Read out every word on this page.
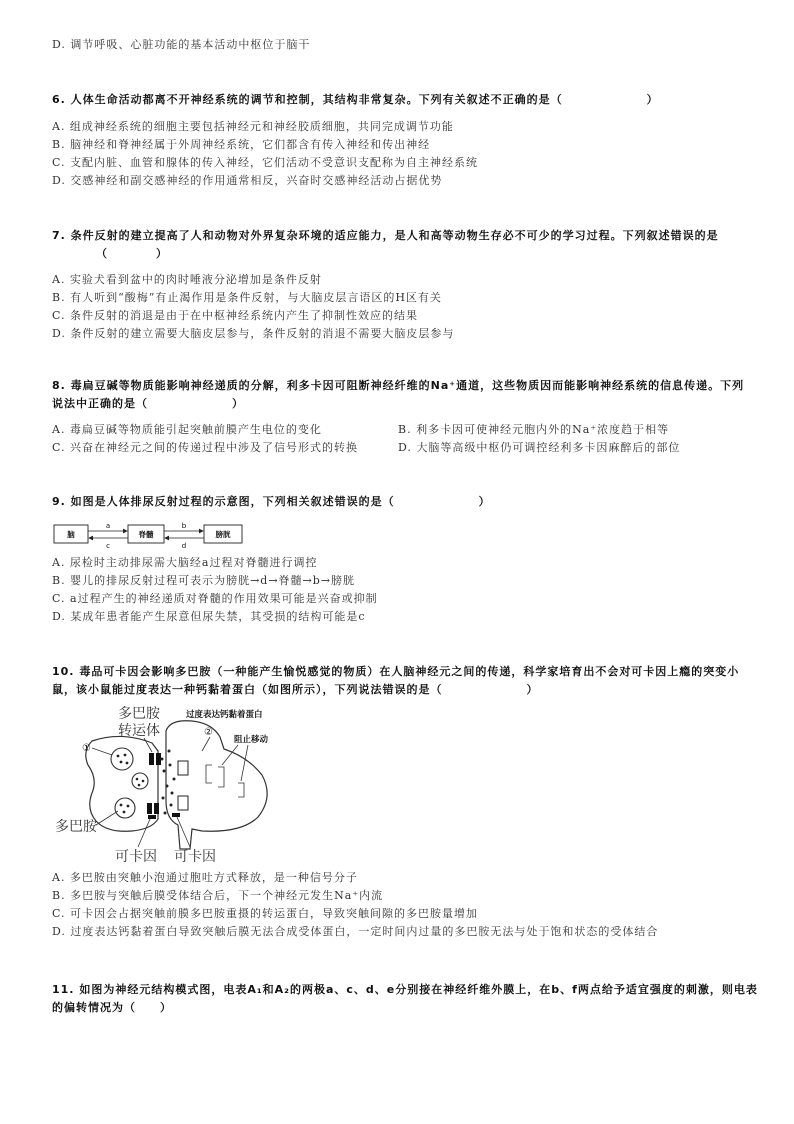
D. 调节呼吸、心脏功能的基本活动中枢位于脑干
6. 人体生命活动都离不开神经系统的调节和控制，其结构非常复杂。下列有关叙述不正确的是（　　　　　　　）
A. 组成神经系统的细胞主要包括神经元和神经胶质细胞，共同完成调节功能
B. 脑神经和脊神经属于外周神经系统，它们都含有传入神经和传出神经
C. 支配内脏、血管和腺体的传入神经，它们活动不受意识支配称为自主神经系统
D. 交感神经和副交感神经的作用通常相反，兴奋时交感神经活动占据优势
7. 条件反射的建立提高了人和动物对外界复杂环境的适应能力，是人和高等动物生存必不可少的学习过程。下列叙述错误的是
（　　　　）
A. 实验犬看到盆中的肉时唾液分泌增加是条件反射
B. 有人听到“酸梅”有止渴作用是条件反射，与大脑皮层言语区的H区有关
C. 条件反射的消退是由于在中枢神经系统内产生了抑制性效应的结果
D. 条件反射的建立需要大脑皮层参与，条件反射的消退不需要大脑皮层参与
8. 毒扁豆碱等物质能影响神经递质的分解，利多卡因可阻断神经纤维的Na⁺通道，这些物质因而能影响神经系统的信息传递。下列
说法中正确的是（　　　　　　　）
A. 毒扁豆碱等物质能引起突触前膜产生电位的变化	B. 利多卡因可使神经元胞内外的Na⁺浓度趋于相等
C. 兴奋在神经元之间的传递过程中涉及了信号形式的转换	D. 大脑等高级中枢仍可调控经利多卡因麻醉后的部位
9. 如图是人体排尿反射过程的示意图，下列相关叙述错误的是（　　　　　　　）
脑	脊髓	膀胱
a
c
b
d
A. 尿检时主动排尿需大脑经a过程对脊髓进行调控
B. 婴儿的排尿反射过程可表示为膀胱→d→脊髓→b→膀胱
C. a过程产生的神经递质对脊髓的作用效果可能是兴奋或抑制
D. 某成年患者能产生尿意但尿失禁，其受损的结构可能是c
10. 毒品可卡因会影响多巴胺（一种能产生愉悦感觉的物质）在人脑神经元之间的传递，科学家培育出不会对可卡因上瘾的突变小
鼠，该小鼠能过度表达一种钙黏着蛋白（如图所示），下列说法错误的是（　　　　　　　）
多巴胺
转运体
过度表达钙黏着蛋白
②
阻止移动
①
多巴胺
可卡因 可卡因
A. 多巴胺由突触小泡通过胞吐方式释放，是一种信号分子
B. 多巴胺与突触后膜受体结合后，下一个神经元发生Na⁺内流
C. 可卡因会占据突触前膜多巴胺重摄的转运蛋白，导致突触间隙的多巴胺量增加
D. 过度表达钙黏着蛋白导致突触后膜无法合成受体蛋白，一定时间内过量的多巴胺无法与处于饱和状态的受体结合
11. 如图为神经元结构模式图，电表A₁和A₂的两极a、c、d、e分别接在神经纤维外膜上，在b、f两点给予适宜强度的刺激，则电表
的偏转情况为（　　）
